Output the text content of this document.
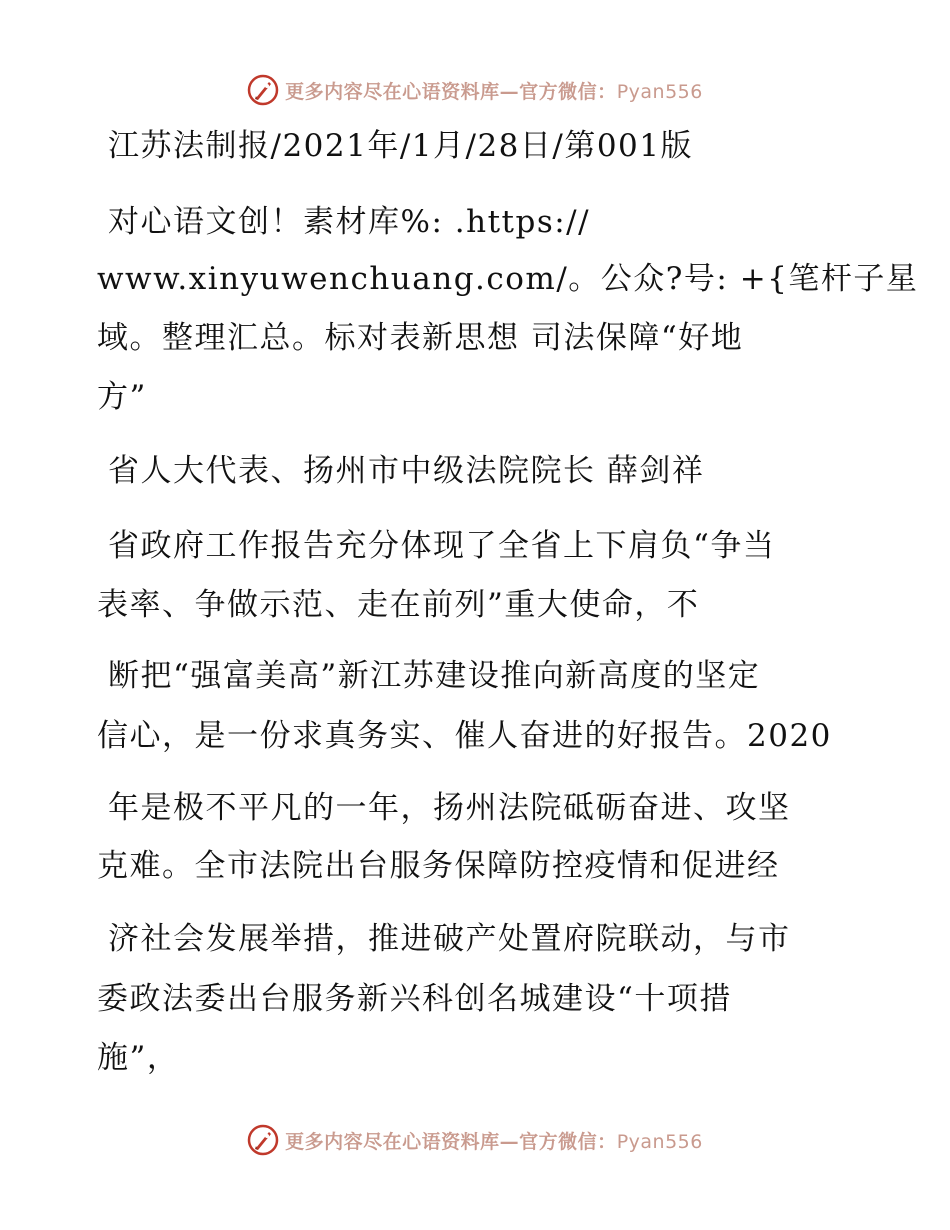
更多内容尽在心语资料库—官方微信：Pyan556
江苏法制报/2021年/1月/28日/第001版
对心语文创！素材库%: .https://
www.xinyuwenchuang.com/。公众?号: +{笔杆子星
域。整理汇总。标对表新思想 司法保障“好地
方”
省人大代表、扬州市中级法院院长 薛剑祥
省政府工作报告充分体现了全省上下肩负“争当
表率、争做示范、走在前列”重大使命，不
断把“强富美高”新江苏建设推向新高度的坚定
信心，是一份求真务实、催人奋进的好报告。2020
年是极不平凡的一年，扬州法院砥砺奋进、攻坚
克难。全市法院出台服务保障防控疫情和促进经
济社会发展举措，推进破产处置府院联动，与市
委政法委出台服务新兴科创名城建设“十项措
施”，
更多内容尽在心语资料库—官方微信：Pyan556
